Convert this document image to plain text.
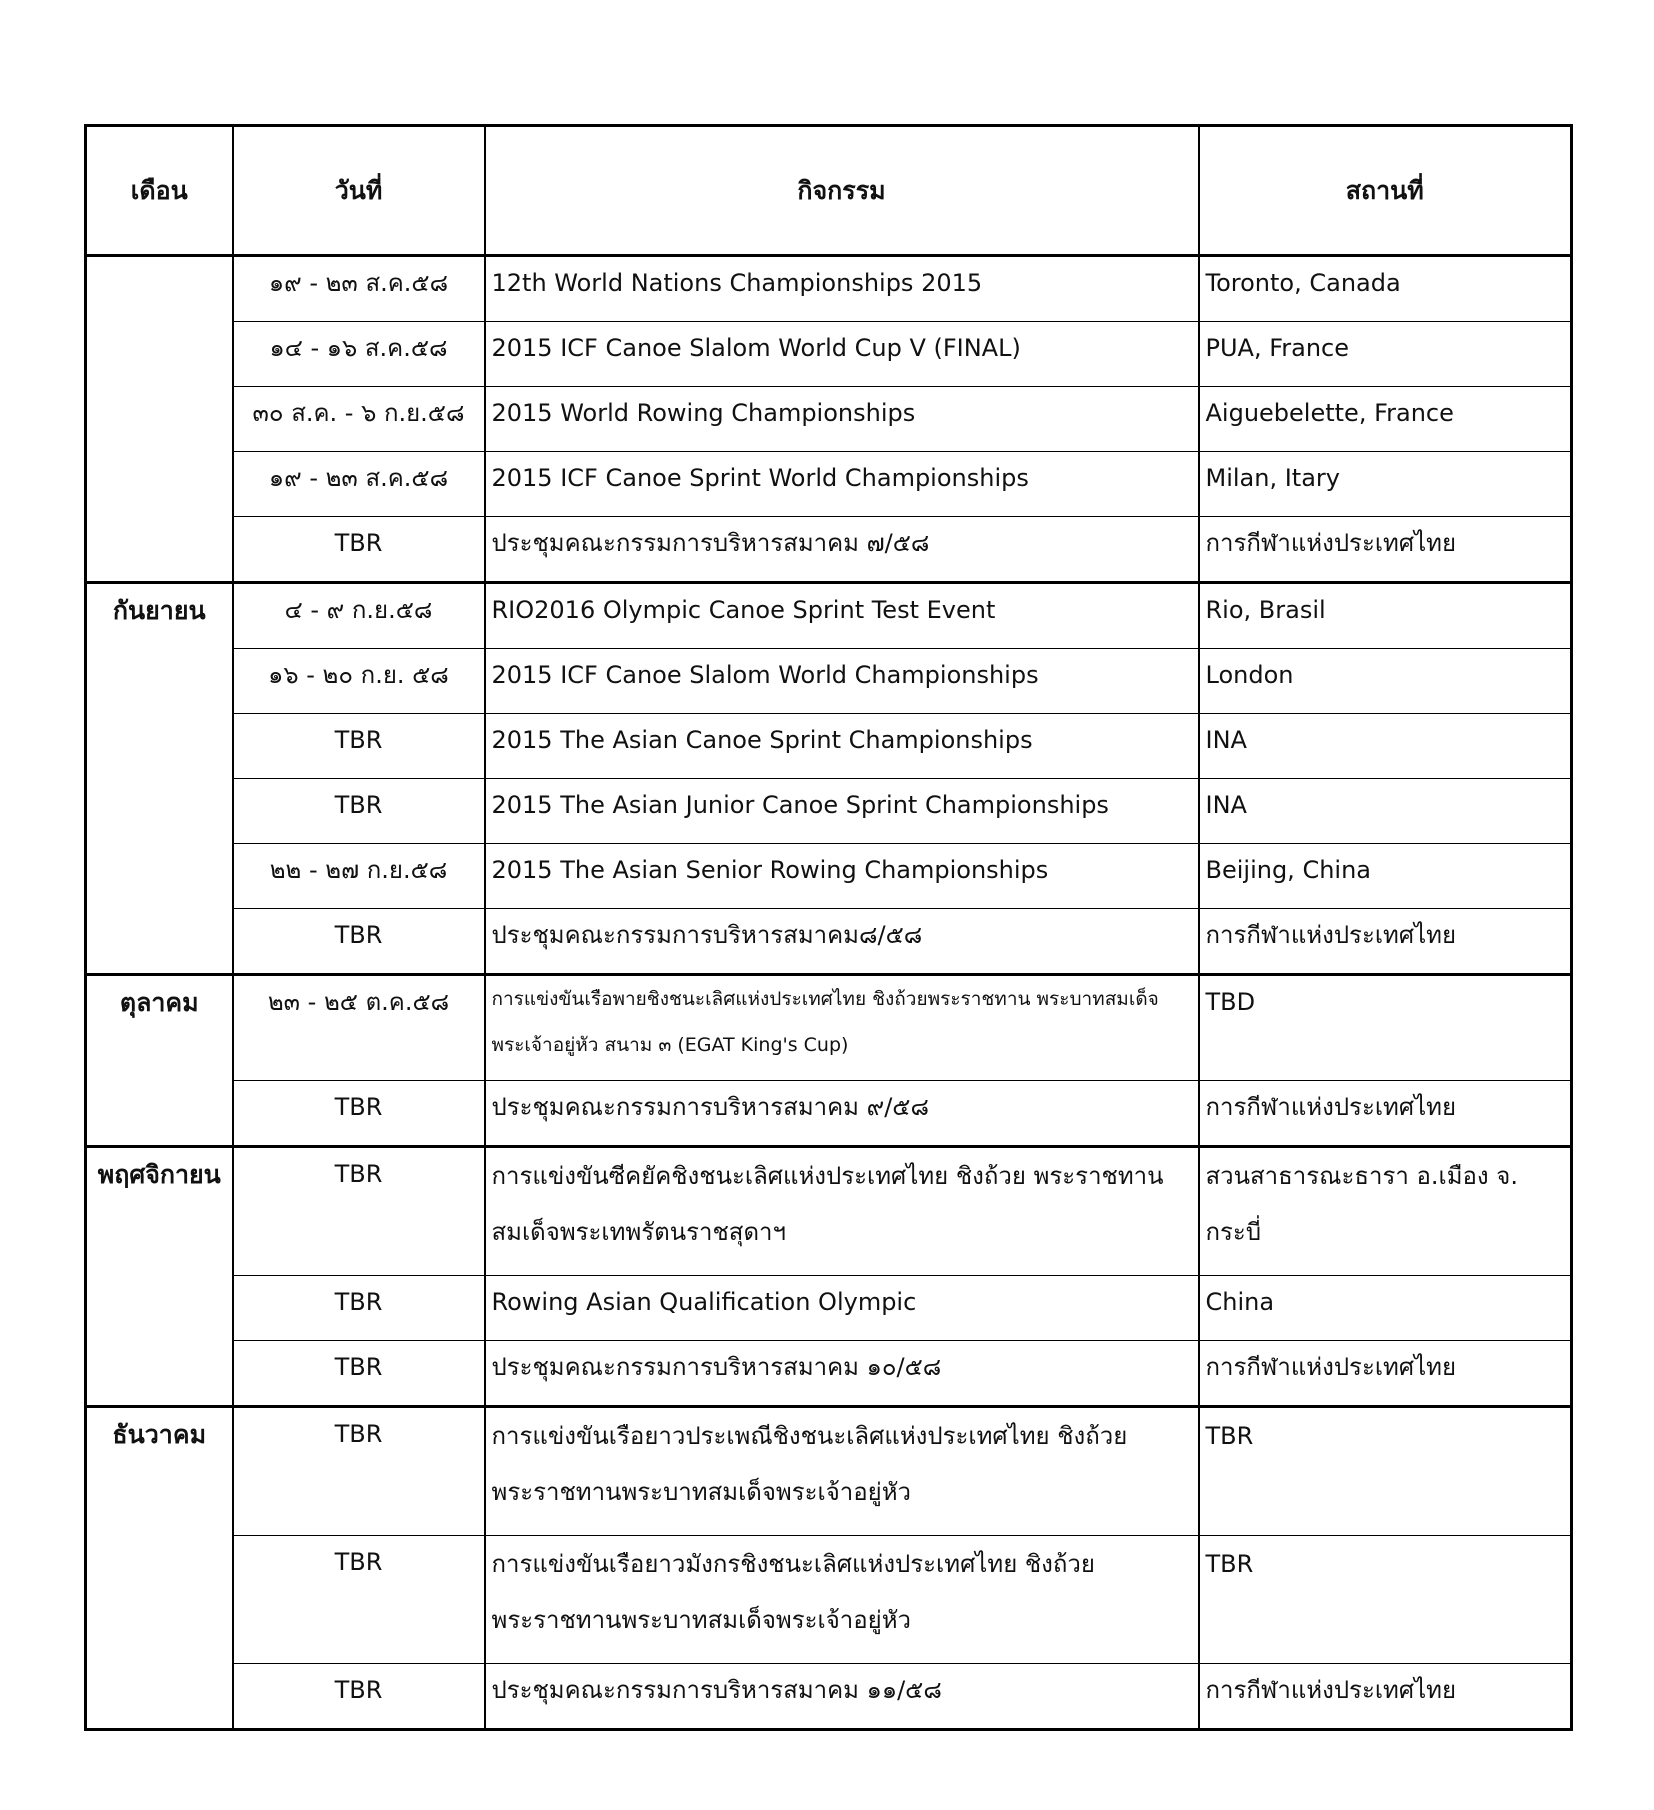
เดือน	วันที่	กิจกรรม	สถานที่

	๑๙ - ๒๓ ส.ค.๕๘	12th World Nations Championships 2015	Toronto, Canada

	๑๔ - ๑๖ ส.ค.๕๘	2015 ICF Canoe Slalom World Cup V (FINAL)	PUA, France

	๓๐ ส.ค. - ๖ ก.ย.๕๘	2015 World Rowing Championships	Aiguebelette, France

	๑๙ - ๒๓ ส.ค.๕๘	2015 ICF Canoe Sprint World Championships	Milan, Itary

	TBR	ประชุมคณะกรรมการบริหารสมาคม ๗/๕๘	การกีฬาแห่งประเทศไทย

กันยายน	๔ - ๙ ก.ย.๕๘	RIO2016 Olympic Canoe Sprint Test Event	Rio, Brasil

	๑๖ - ๒๐ ก.ย. ๕๘	2015 ICF Canoe Slalom World Championships	London

	TBR	2015 The Asian Canoe Sprint Championships	INA

	TBR	2015 The Asian Junior Canoe Sprint Championships	INA

	๒๒ - ๒๗ ก.ย.๕๘	2015 The Asian Senior Rowing Championships	Beijing, China

	TBR	ประชุมคณะกรรมการบริหารสมาคม๘/๕๘	การกีฬาแห่งประเทศไทย

ตุลาคม	๒๓ - ๒๕ ต.ค.๕๘	การแข่งขันเรือพายชิงชนะเลิศแห่งประเทศไทย ชิงถ้วยพระราชทาน พระบาทสมเด็จพระเจ้าอยู่หัว สนาม ๓ (EGAT King's Cup)	TBD

	TBR	ประชุมคณะกรรมการบริหารสมาคม ๙/๕๘	การกีฬาแห่งประเทศไทย

พฤศจิกายน	TBR	การแข่งขันซีคยัคชิงชนะเลิศแห่งประเทศไทย ชิงถ้วย พระราชทานสมเด็จพระเทพรัตนราชสุดาฯ	สวนสาธารณะธารา อ.เมือง จ. กระบี่

	TBR	Rowing Asian Qualification Olympic	China

	TBR	ประชุมคณะกรรมการบริหารสมาคม ๑๐/๕๘	การกีฬาแห่งประเทศไทย

ธันวาคม	TBR	การแข่งขันเรือยาวประเพณีชิงชนะเลิศแห่งประเทศไทย ชิงถ้วย พระราชทานพระบาทสมเด็จพระเจ้าอยู่หัว	TBR

	TBR	การแข่งขันเรือยาวมังกรชิงชนะเลิศแห่งประเทศไทย ชิงถ้วย พระราชทานพระบาทสมเด็จพระเจ้าอยู่หัว	TBR

	TBR	ประชุมคณะกรรมการบริหารสมาคม ๑๑/๕๘	การกีฬาแห่งประเทศไทย
